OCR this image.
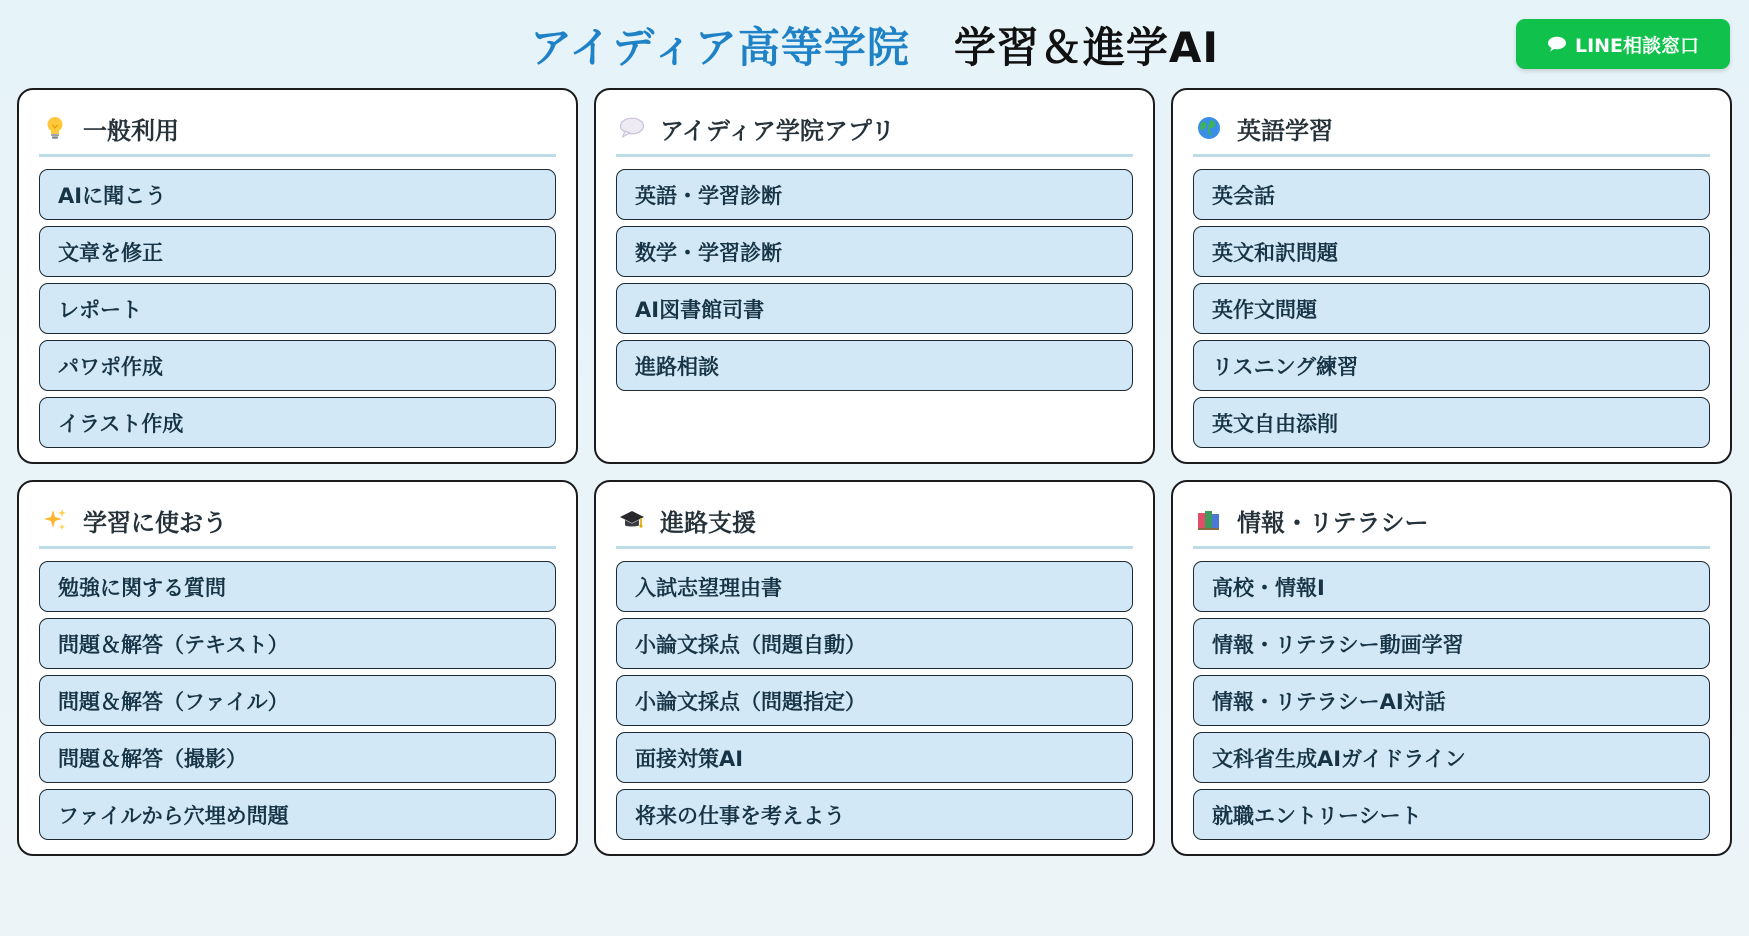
アイディア高等学院 学習＆進学AI	LINE相談窓口
一般利用
AIに聞こう
文章を修正
レポート
パワポ作成
イラスト作成
アイディア学院アプリ
英語・学習診断
数学・学習診断
AI図書館司書
進路相談
英語学習
英会話
英文和訳問題
英作文問題
リスニング練習
英文自由添削
学習に使おう
勉強に関する質問
問題＆解答（テキスト）
問題＆解答（ファイル）
問題＆解答（撮影）
ファイルから穴埋め問題
進路支援
入試志望理由書
小論文採点（問題自動）
小論文採点（問題指定）
面接対策AI
将来の仕事を考えよう
情報・リテラシー
高校・情報Ⅰ
情報・リテラシー動画学習
情報・リテラシーAI対話
文科省生成AIガイドライン
就職エントリーシート
